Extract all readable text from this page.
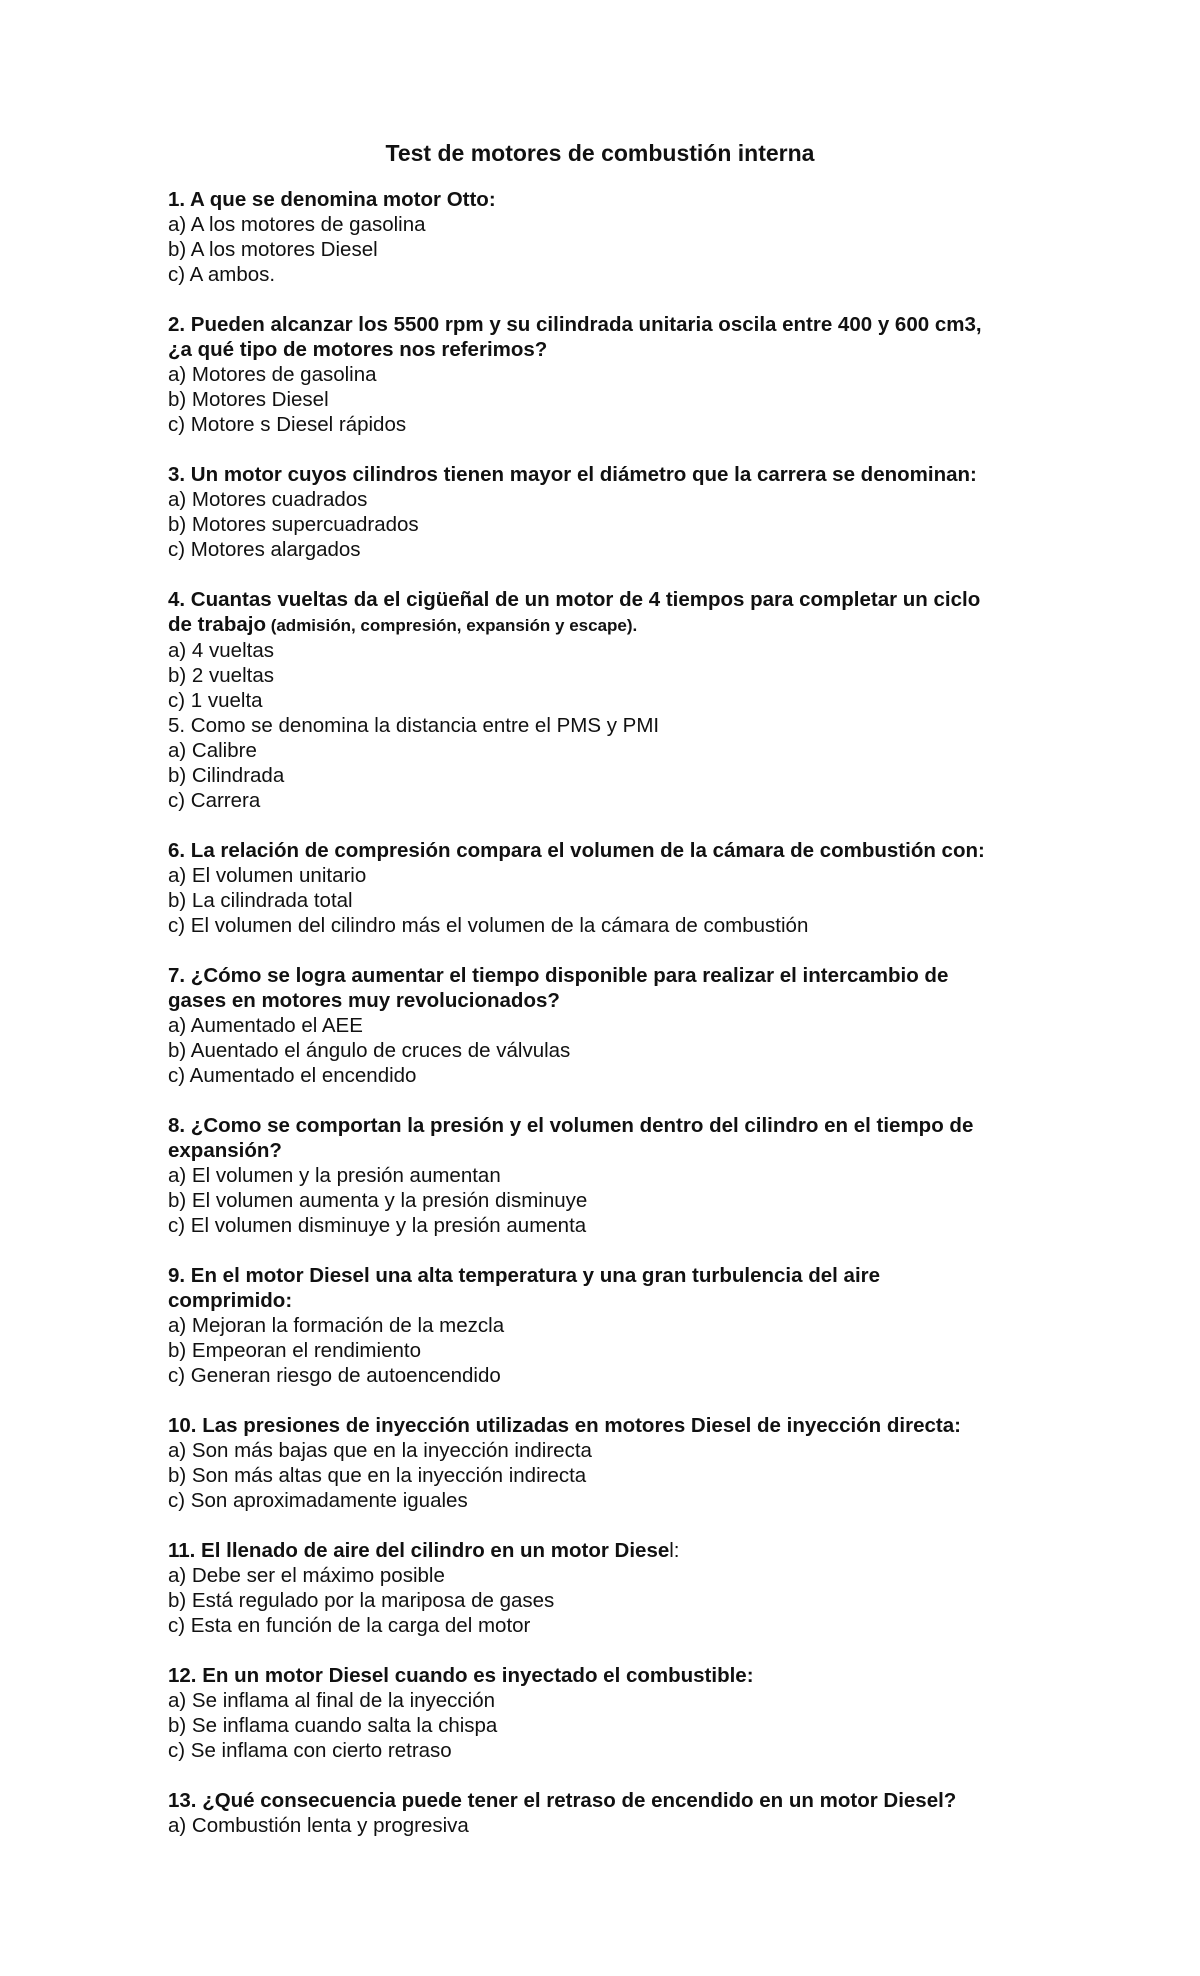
Test de motores de combustión interna
1. A que se denomina motor Otto:
a) A los motores de gasolina
b) A los motores Diesel
c) A ambos.
2. Pueden alcanzar los 5500 rpm y su cilindrada unitaria oscila entre 400 y 600 cm3,
¿a qué tipo de motores nos referimos?
a) Motores de gasolina
b) Motores Diesel
c) Motore s Diesel rápidos
3. Un motor cuyos cilindros tienen mayor el diámetro que la carrera se denominan:
a) Motores cuadrados
b) Motores supercuadrados
c) Motores alargados
4. Cuantas vueltas da el cigüeñal de un motor de 4 tiempos para completar un ciclo
de trabajo (admisión, compresión, expansión y escape).
a) 4 vueltas
b) 2 vueltas
c) 1 vuelta
5. Como se denomina la distancia entre el PMS y PMI
a) Calibre
b) Cilindrada
c) Carrera
6. La relación de compresión compara el volumen de la cámara de combustión con:
a) El volumen unitario
b) La cilindrada total
c) El volumen del cilindro más el volumen de la cámara de combustión
7. ¿Cómo se logra aumentar el tiempo disponible para realizar el intercambio de
gases en motores muy revolucionados?
a) Aumentado el AEE
b) Auentado el ángulo de cruces de válvulas
c) Aumentado el encendido
8. ¿Como se comportan la presión y el volumen dentro del cilindro en el tiempo de
expansión?
a) El volumen y la presión aumentan
b) El volumen aumenta y la presión disminuye
c) El volumen disminuye y la presión aumenta
9. En el motor Diesel una alta temperatura y una gran turbulencia del aire
comprimido:
a) Mejoran la formación de la mezcla
b) Empeoran el rendimiento
c) Generan riesgo de autoencendido
10. Las presiones de inyección utilizadas en motores Diesel de inyección directa:
a) Son más bajas que en la inyección indirecta
b) Son más altas que en la inyección indirecta
c) Son aproximadamente iguales
11. El llenado de aire del cilindro en un motor Diesel:
a) Debe ser el máximo posible
b) Está regulado por la mariposa de gases
c) Esta en función de la carga del motor
12. En un motor Diesel cuando es inyectado el combustible:
a) Se inflama al final de la inyección
b) Se inflama cuando salta la chispa
c) Se inflama con cierto retraso
13. ¿Qué consecuencia puede tener el retraso de encendido en un motor Diesel?
a) Combustión lenta y progresiva
